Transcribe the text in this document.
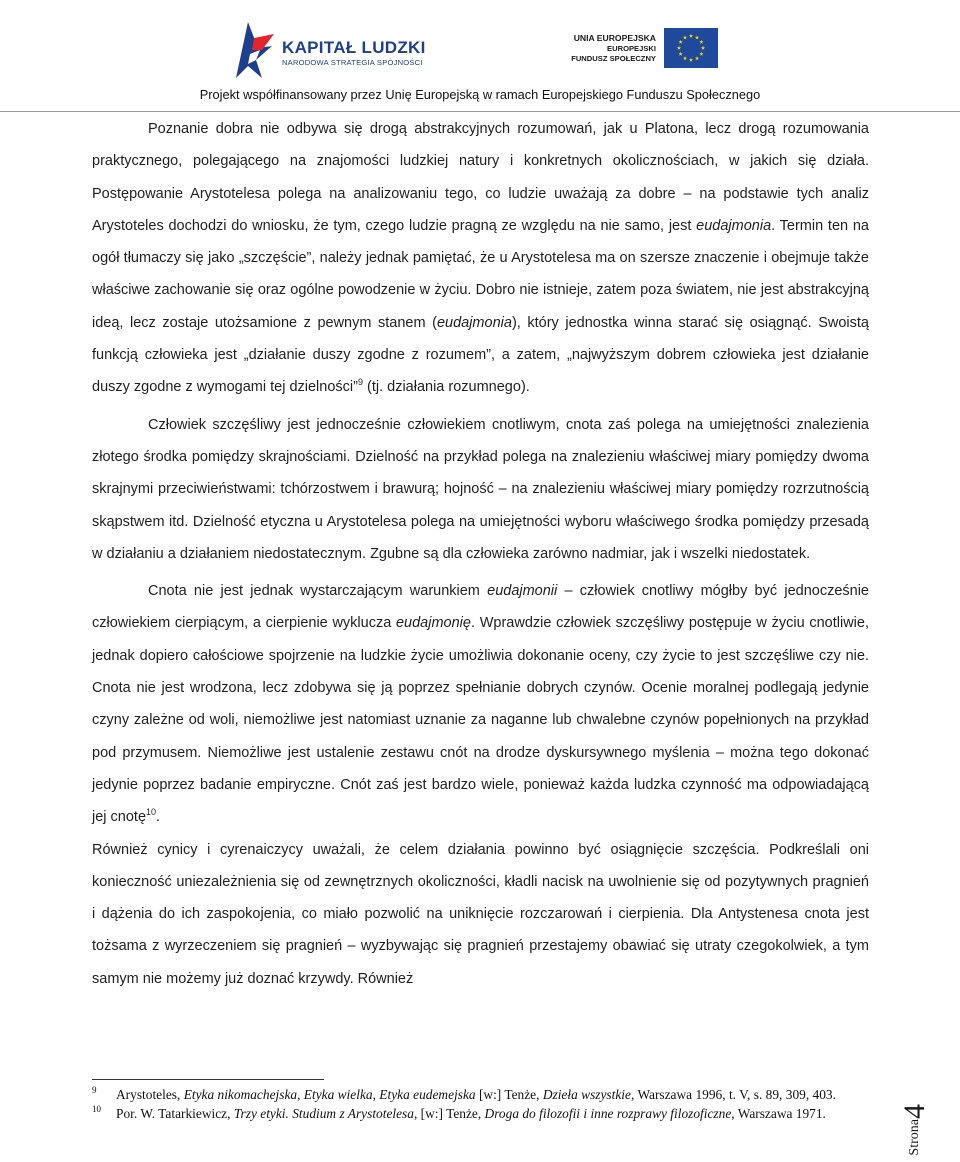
KAPITAŁ LUDZKI
NARODOWA STRATEGIA SPÓJNOŚCI
UNIA EUROPEJSKA
EUROPEJSKI
FUNDUSZ SPOŁECZNY
Projekt współfinansowany przez Unię Europejską w ramach Europejskiego Funduszu Społecznego

Poznanie dobra nie odbywa się drogą abstrakcyjnych rozumowań, jak u Platona, lecz drogą rozumowania praktycznego, polegającego na znajomości ludzkiej natury i konkretnych okolicznościach, w jakich się działa. Postępowanie Arystotelesa polega na analizowaniu tego, co ludzie uważają za dobre – na podstawie tych analiz Arystoteles dochodzi do wniosku, że tym, czego ludzie pragną ze względu na nie samo, jest eudajmonia. Termin ten na ogół tłumaczy się jako „szczęście”, należy jednak pamiętać, że u Arystotelesa ma on szersze znaczenie i obejmuje także właściwe zachowanie się oraz ogólne powodzenie w życiu. Dobro nie istnieje, zatem poza światem, nie jest abstrakcyjną ideą, lecz zostaje utożsamione z pewnym stanem (eudajmonia), który jednostka winna starać się osiągnąć. Swoistą funkcją człowieka jest „działanie duszy zgodne z rozumem”, a zatem, „najwyższym dobrem człowieka jest działanie duszy zgodne z wymogami tej dzielności”$^9$ (tj. działania rozumnego).

Człowiek szczęśliwy jest jednocześnie człowiekiem cnotliwym, cnota zaś polega na umiejętności znalezienia złotego środka pomiędzy skrajnościami. Dzielność na przykład polega na znalezieniu właściwej miary pomiędzy dwoma skrajnymi przeciwieństwami: tchórzostwem i brawurą; hojność – na znalezieniu właściwej miary pomiędzy rozrzutnością skąpstwem itd. Dzielność etyczna u Arystotelesa polega na umiejętności wyboru właściwego środka pomiędzy przesadą w działaniu a działaniem niedostatecznym. Zgubne są dla człowieka zarówno nadmiar, jak i wszelki niedostatek.

Cnota nie jest jednak wystarczającym warunkiem eudajmonii – człowiek cnotliwy mógłby być jednocześnie człowiekiem cierpiącym, a cierpienie wyklucza eudajmonię. Wprawdzie człowiek szczęśliwy postępuje w życiu cnotliwie, jednak dopiero całościowe spojrzenie na ludzkie życie umożliwia dokonanie oceny, czy życie to jest szczęśliwe czy nie. Cnota nie jest wrodzona, lecz zdobywa się ją poprzez spełnianie dobrych czynów. Ocenie moralnej podlegają jedynie czyny zależne od woli, niemożliwe jest natomiast uznanie za naganne lub chwalebne czynów popełnionych na przykład pod przymusem. Niemożliwe jest ustalenie zestawu cnót na drodze dyskursywnego myślenia – można tego dokonać jedynie poprzez badanie empiryczne. Cnót zaś jest bardzo wiele, ponieważ każda ludzka czynność ma odpowiadającą jej cnotę$^{10}$.

Również cynicy i cyrenaiczycy uważali, że celem działania powinno być osiągnięcie szczęścia. Podkreślali oni konieczność uniezależnienia się od zewnętrznych okoliczności, kładli nacisk na uwolnienie się od pozytywnych pragnień i dążenia do ich zaspokojenia, co miało pozwolić na uniknięcie rozczarowań i cierpienia. Dla Antystenesa cnota jest tożsama z wyrzeczeniem się pragnień – wyzbywając się pragnień przestajemy obawiać się utraty czegokolwiek, a tym samym nie możemy już doznać krzywdy. Również

9 Arystoteles, Etyka nikomachejska, Etyka wielka, Etyka eudemejska [w:] Tenże, Dzieła wszystkie, Warszawa 1996, t. V, s. 89, 309, 403.
10 Por. W. Tatarkiewicz, Trzy etyki. Studium z Arystotelesa, [w:] Tenże, Droga do filozofii i inne rozprawy filozoficzne, Warszawa 1971.
Strona4
